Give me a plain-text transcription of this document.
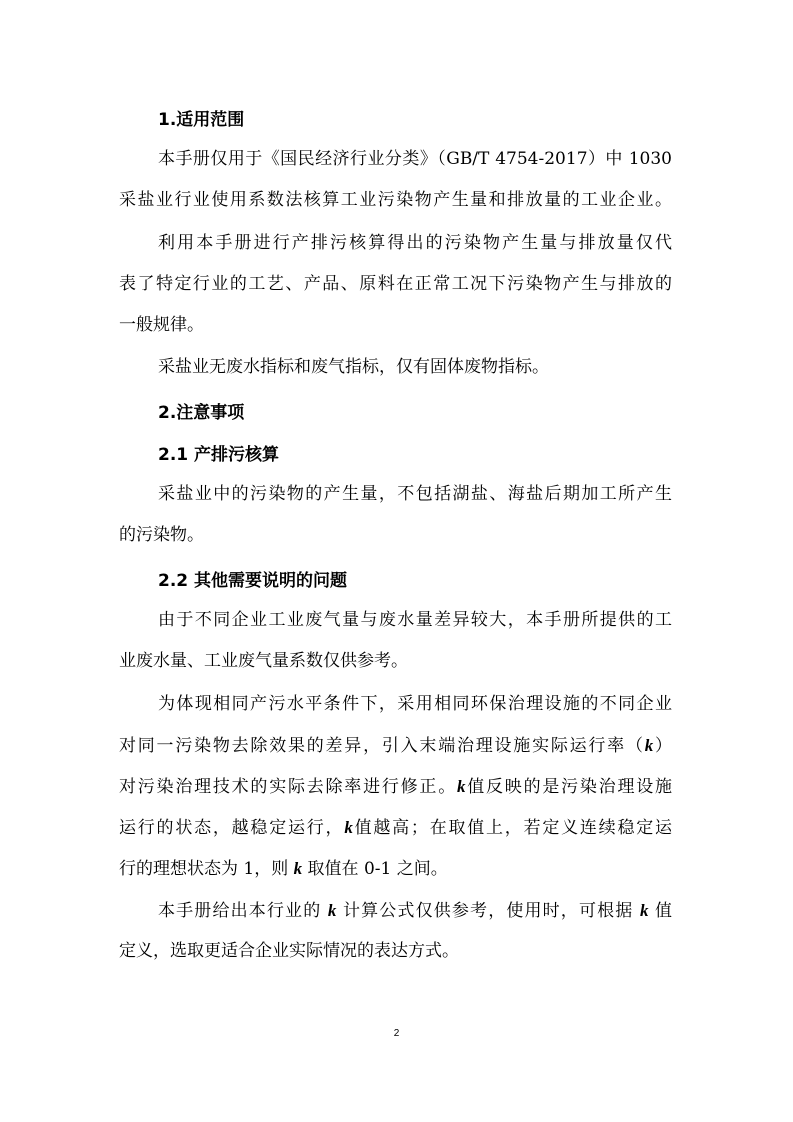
1.适用范围
本手册仅用于《国民经济行业分类》（GB/T 4754-2017）中 1030
采盐业行业使用系数法核算工业污染物产生量和排放量的工业企业。
利用本手册进行产排污核算得出的污染物产生量与排放量仅代
表了特定行业的工艺、产品、原料在正常工况下污染物产生与排放的
一般规律。
采盐业无废水指标和废气指标，仅有固体废物指标。
2.注意事项
2.1 产排污核算
采盐业中的污染物的产生量，不包括湖盐、海盐后期加工所产生
的污染物。
2.2 其他需要说明的问题
由于不同企业工业废气量与废水量差异较大，本手册所提供的工
业废水量、工业废气量系数仅供参考。
为体现相同产污水平条件下，采用相同环保治理设施的不同企业
对同一污染物去除效果的差异，引入末端治理设施实际运行率（k）
对污染治理技术的实际去除率进行修正。k值反映的是污染治理设施
运行的状态，越稳定运行，k值越高；在取值上，若定义连续稳定运
行的理想状态为 1，则 k 取值在 0-1 之间。
本手册给出本行业的 k 计算公式仅供参考，使用时，可根据 k 值
定义，选取更适合企业实际情况的表达方式。
2
